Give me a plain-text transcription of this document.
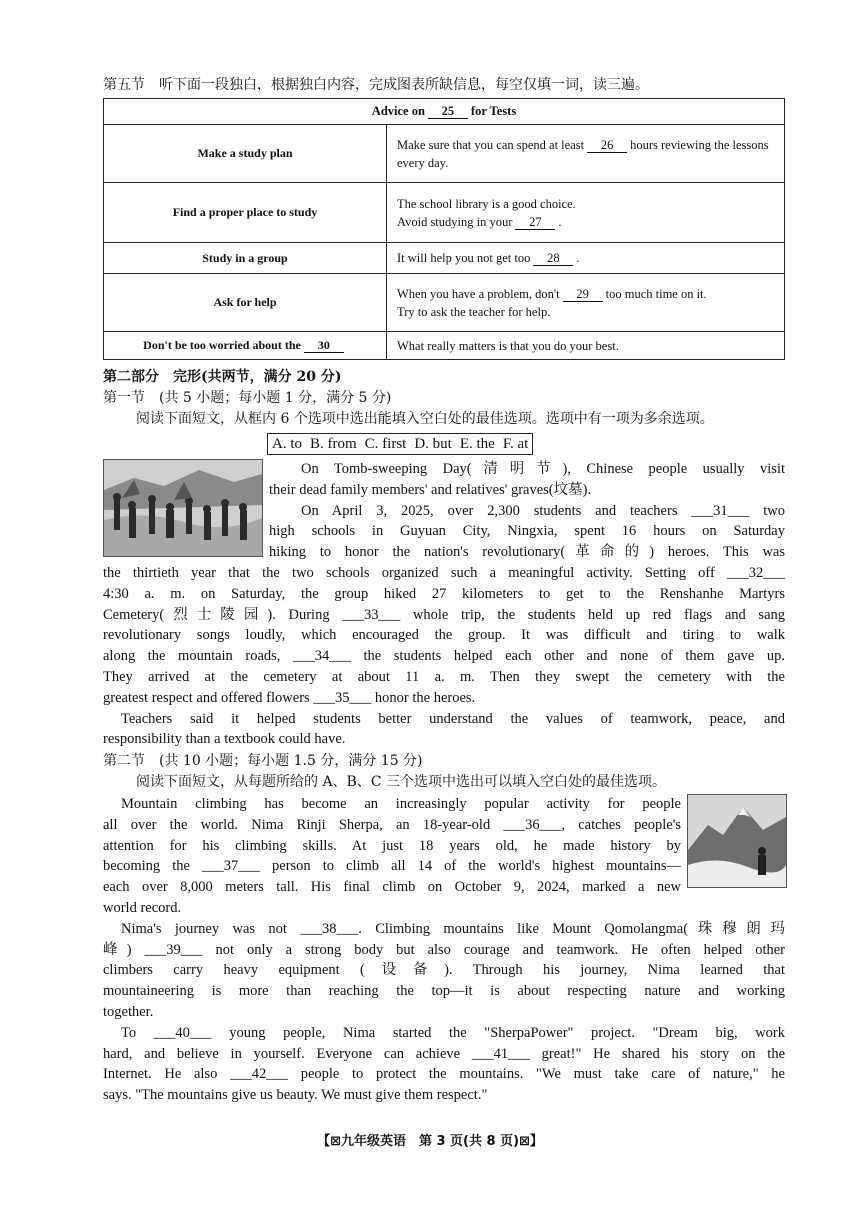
第五节　听下面一段独白，根据独白内容，完成图表所缺信息，每空仅填一词，读三遍。
Advice on 25 for Tests	
Make a study plan	Make sure that you can spend at least 26 hours reviewing the lessons every day.
Find a proper place to study	The school library is a good choice.
Avoid studying in your 27 .
Study in a group	It will help you not get too 28 .
Ask for help	When you have a problem, don't 29 too much time on it.
Try to ask the teacher for help.
Don't be too worried about the 30	What really matters is that you do your best.
第二部分　完形(共两节，满分 20 分)
第一节　(共 5 小题；每小题 1 分，满分 5 分)
阅读下面短文，从框内 6 个选项中选出能填入空白处的最佳选项。选项中有一项为多余选项。
A. to B. from C. first D. but E. the F. at
On Tomb-sweeping Day(清明节), Chinese people usually visit
their dead family members' and relatives' graves(坟墓).
On April 3, 2025, over 2,300 students and teachers ___31___ two
high schools in Guyuan City, Ningxia, spent 16 hours on Saturday
hiking to honor the nation's revolutionary(革命的) heroes. This was
the thirtieth year that the two schools organized such a meaningful activity. Setting off ___32___
4:30 a. m. on Saturday, the group hiked 27 kilometers to get to the Renshanhe Martyrs
Cemetery(烈士陵园). During ___33___ whole trip, the students held up red flags and sang
revolutionary songs loudly, which encouraged the group. It was difficult and tiring to walk
along the mountain roads, ___34___ the students helped each other and none of them gave up.
They arrived at the cemetery at about 11 a. m. Then they swept the cemetery with the
greatest respect and offered flowers ___35___ honor the heroes.
Teachers said it helped students better understand the values of teamwork, peace, and
responsibility than a textbook could have.
第二节　(共 10 小题；每小题 1.5 分，满分 15 分)
阅读下面短文，从每题所给的 A、B、C 三个选项中选出可以填入空白处的最佳选项。
Mountain climbing has become an increasingly popular activity for people
all over the world. Nima Rinji Sherpa, an 18-year-old ___36___, catches people's
attention for his climbing skills. At just 18 years old, he made history by
becoming the ___37___ person to climb all 14 of the world's highest mountains—
each over 8,000 meters tall. His final climb on October 9, 2024, marked a new
world record.
Nima's journey was not ___38___. Climbing mountains like Mount Qomolangma(珠穆朗玛
峰) ___39___ not only a strong body but also courage and teamwork. He often helped other
climbers carry heavy equipment (设备). Through his journey, Nima learned that
mountaineering is more than reaching the top—it is about respecting nature and working
together.
To ___40___ young people, Nima started the "SherpaPower" project. "Dream big, work
hard, and believe in yourself. Everyone can achieve ___41___ great!" He shared his story on the
Internet. He also ___42___ people to protect the mountains. "We must take care of nature," he
says. "The mountains give us beauty. We must give them respect."
【⊠九年级英语　第 3 页(共 8 页)⊠】
